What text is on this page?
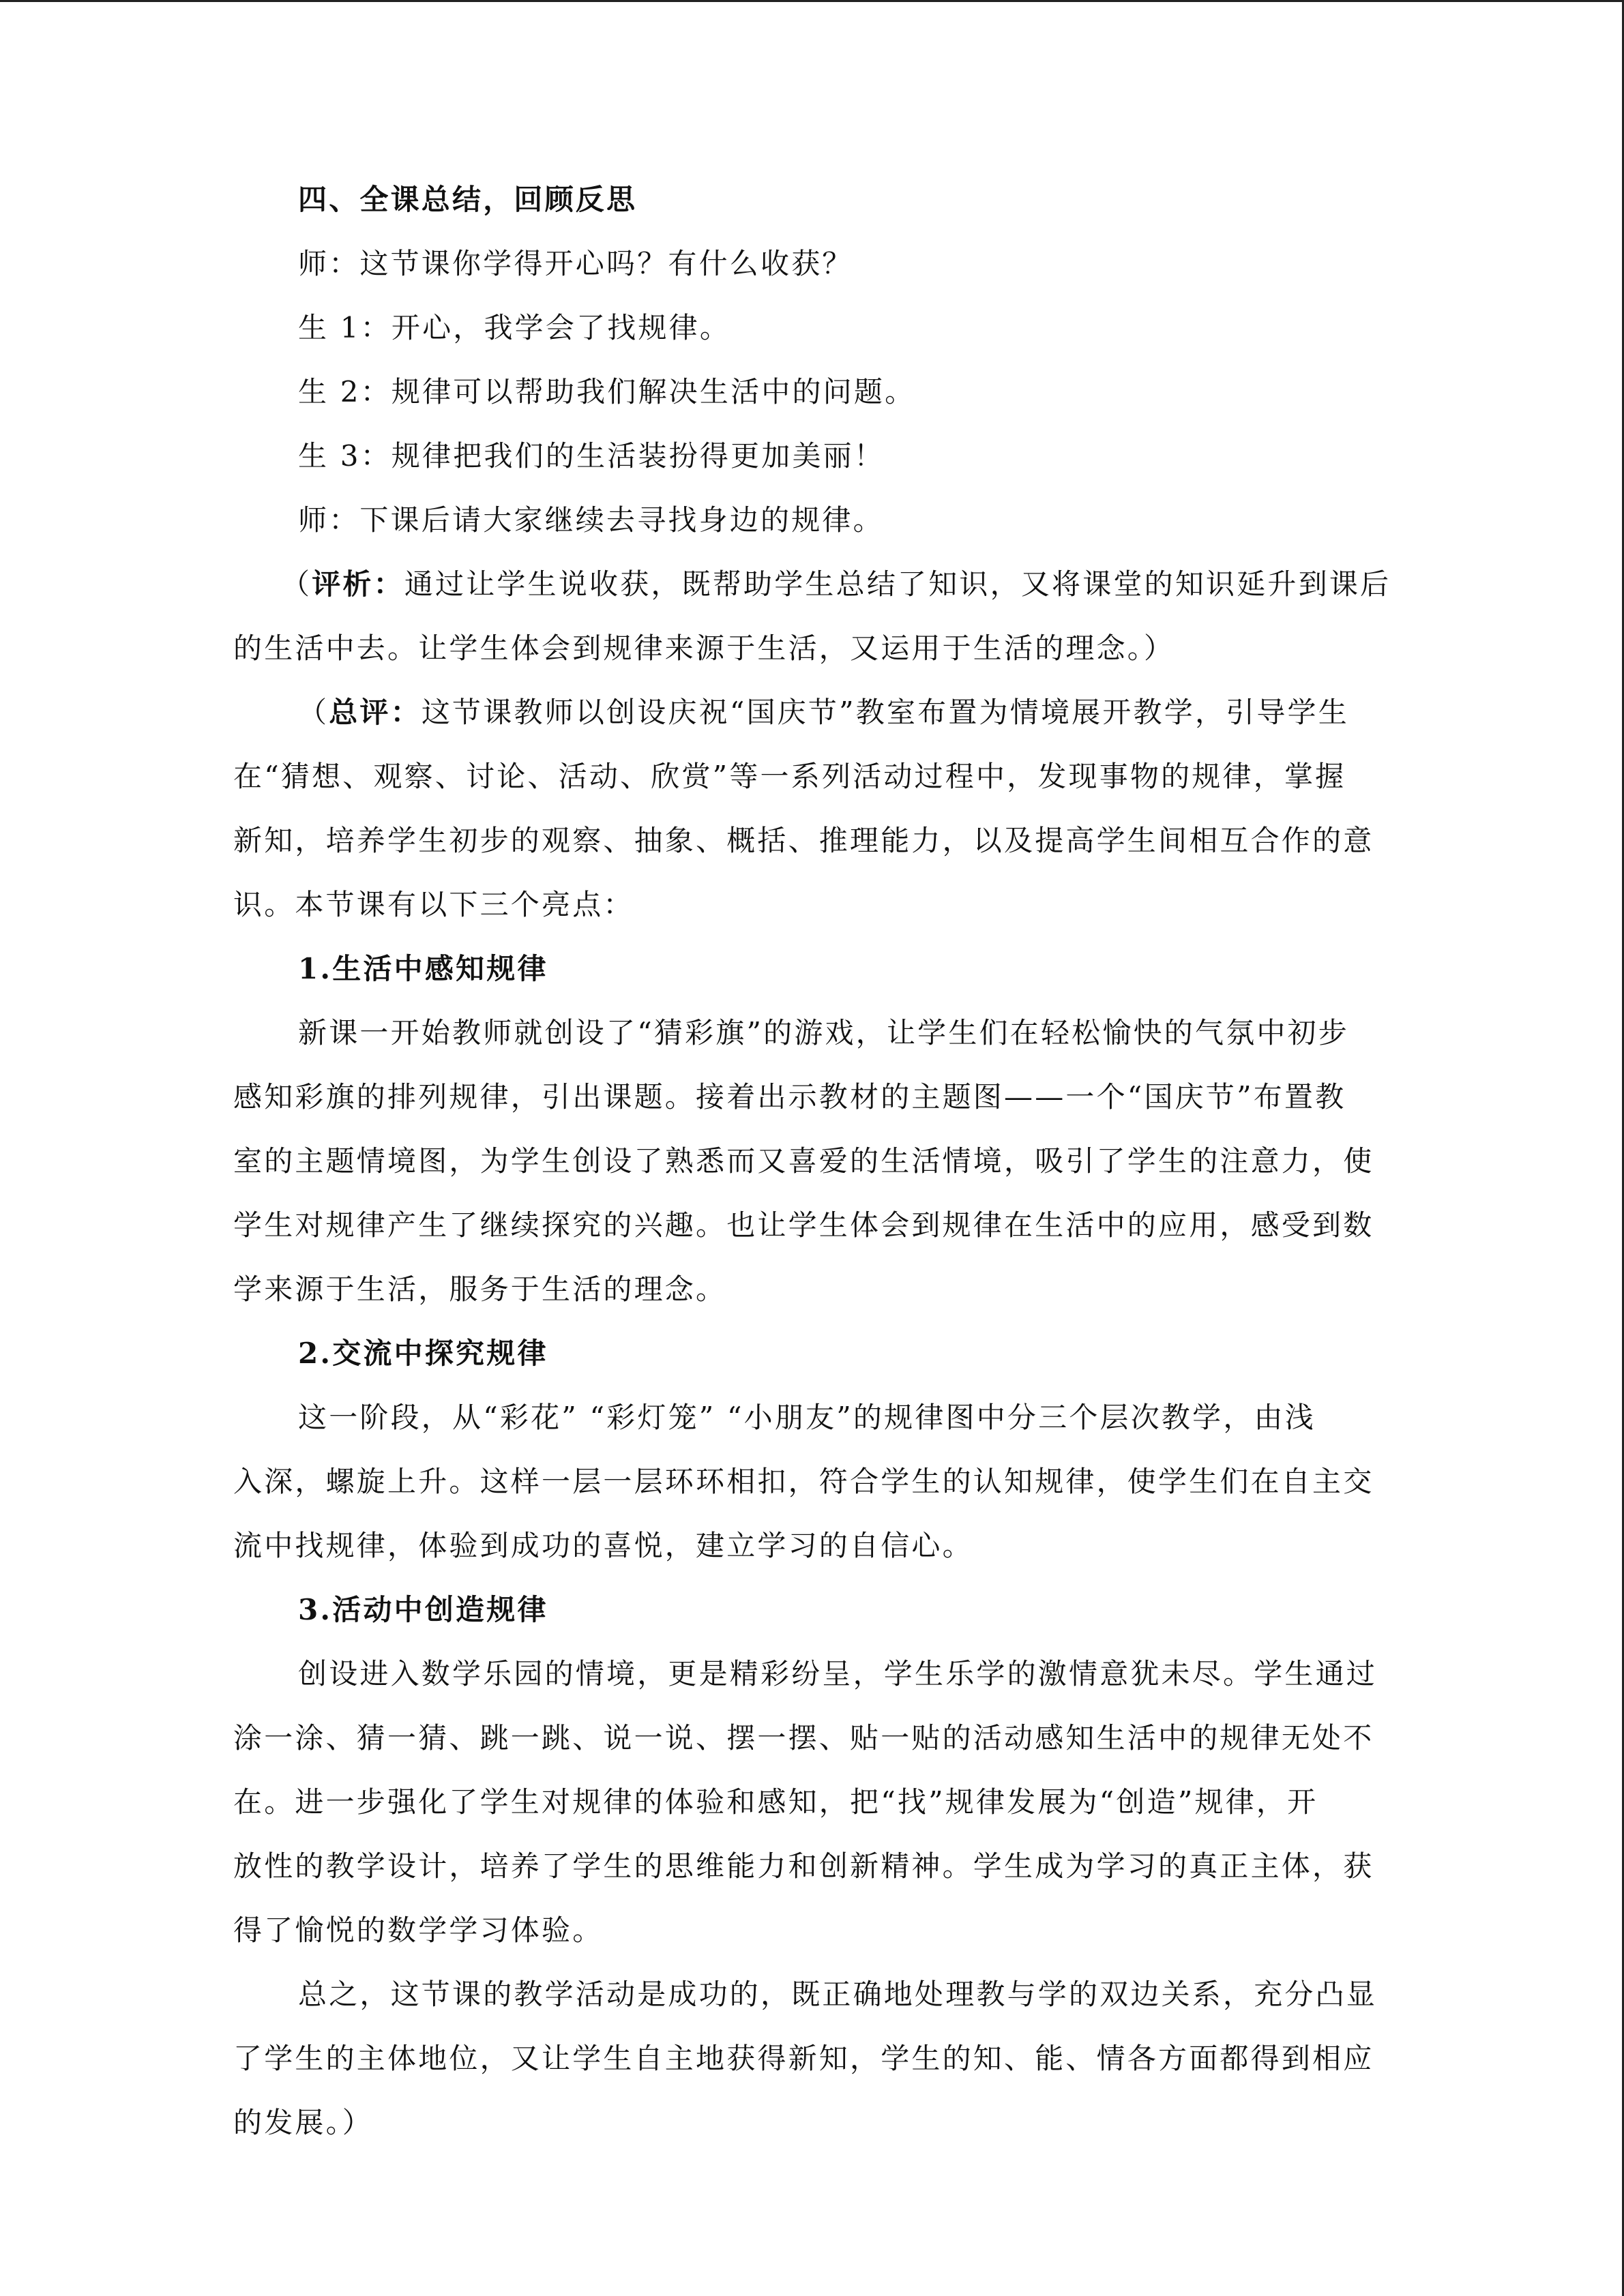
四、全课总结，回顾反思
师：这节课你学得开心吗？有什么收获？
生 1：开心，我学会了找规律。
生 2：规律可以帮助我们解决生活中的问题。
生 3：规律把我们的生活装扮得更加美丽！
师：下课后请大家继续去寻找身边的规律。
（评析：通过让学生说收获，既帮助学生总结了知识，又将课堂的知识延升到课后
的生活中去。让学生体会到规律来源于生活，又运用于生活的理念。）
（总评：这节课教师以创设庆祝“国庆节”教室布置为情境展开教学，引导学生
在“猜想、观察、讨论、活动、欣赏”等一系列活动过程中，发现事物的规律，掌握
新知，培养学生初步的观察、抽象、概括、推理能力，以及提高学生间相互合作的意
识。本节课有以下三个亮点：
1.生活中感知规律
新课一开始教师就创设了“猜彩旗”的游戏，让学生们在轻松愉快的气氛中初步
感知彩旗的排列规律，引出课题。接着出示教材的主题图——一个“国庆节”布置教
室的主题情境图，为学生创设了熟悉而又喜爱的生活情境，吸引了学生的注意力，使
学生对规律产生了继续探究的兴趣。也让学生体会到规律在生活中的应用，感受到数
学来源于生活，服务于生活的理念。
2.交流中探究规律
这一阶段，从“彩花” “彩灯笼” “小朋友”的规律图中分三个层次教学，由浅
入深，螺旋上升。这样一层一层环环相扣，符合学生的认知规律，使学生们在自主交
流中找规律，体验到成功的喜悦，建立学习的自信心。
3.活动中创造规律
创设进入数学乐园的情境，更是精彩纷呈，学生乐学的激情意犹未尽。学生通过
涂一涂、猜一猜、跳一跳、说一说、摆一摆、贴一贴的活动感知生活中的规律无处不
在。进一步强化了学生对规律的体验和感知，把“找”规律发展为“创造”规律，开
放性的教学设计，培养了学生的思维能力和创新精神。学生成为学习的真正主体，获
得了愉悦的数学学习体验。
总之，这节课的教学活动是成功的，既正确地处理教与学的双边关系，充分凸显
了学生的主体地位，又让学生自主地获得新知，学生的知、能、情各方面都得到相应
的发展。）
